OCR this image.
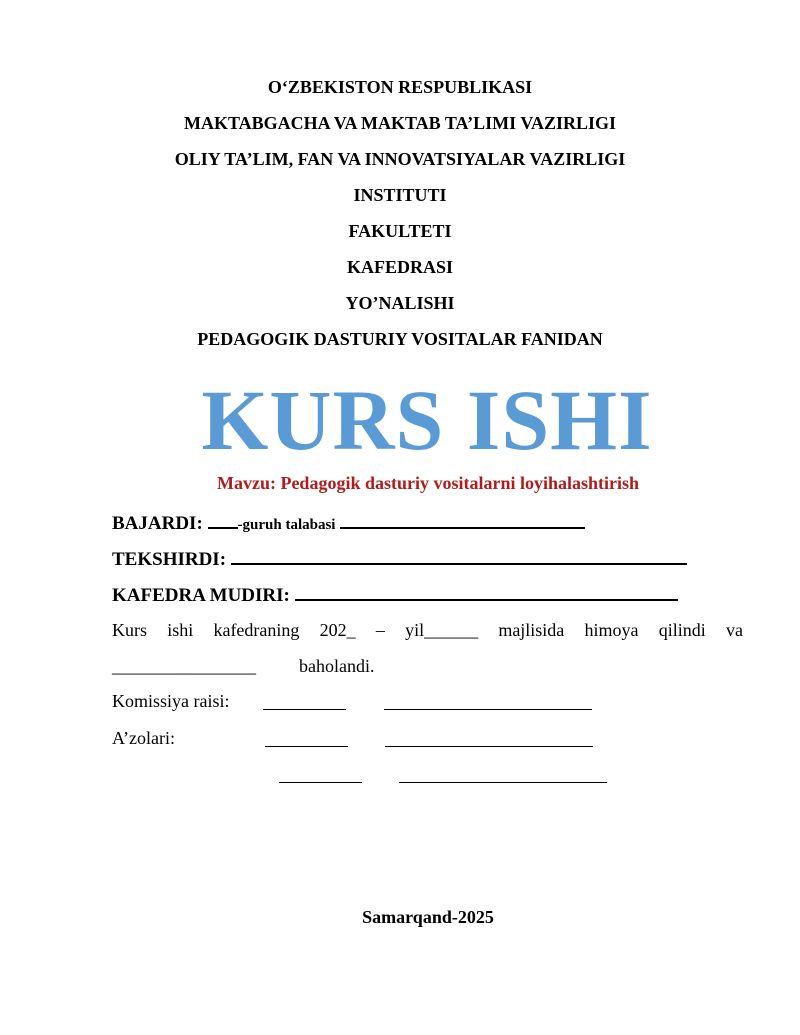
O‘ZBEKISTON RESPUBLIKASI
MAKTABGACHA VA MAKTAB TA’LIMI VAZIRLIGI
OLIY TA’LIM, FAN VA INNOVATSIYALAR VAZIRLIGI
INSTITUTI
FAKULTETI
KAFEDRASI
YO’NALISHI
PEDAGOGIK DASTURIY VOSITALAR FANIDAN
KURS ISHI
Mavzu: Pedagogik dasturiy vositalarni loyihalashtirish
BAJARDI: -guruh talabasi
TEKSHIRDI:
KAFEDRA MUDIRI:
Kurs ishi kafedraning 202_ – yil______ majlisida himoya qilindi va
________________ baholandi.
Komissiya raisi:
A’zolari:
Samarqand-2025
